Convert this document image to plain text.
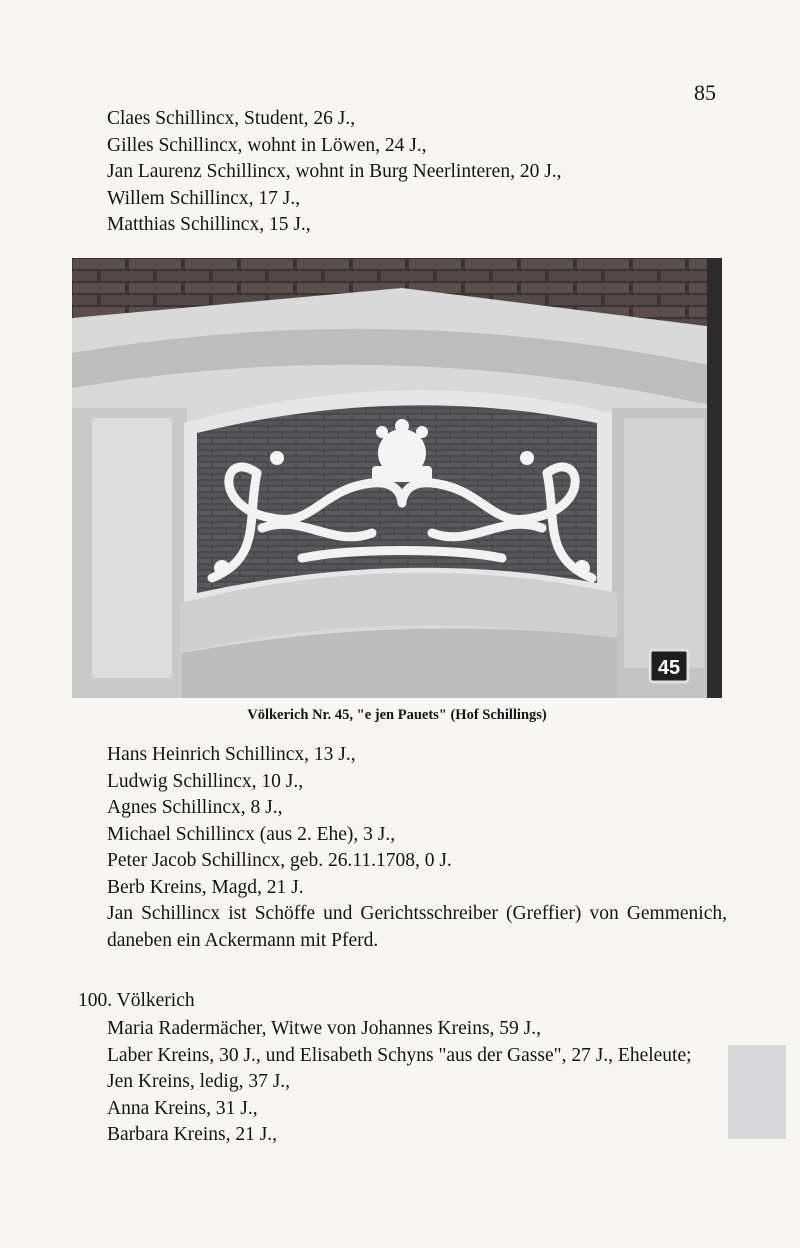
85
Claes Schillincx, Student, 26 J.,
Gilles Schillincx, wohnt in Löwen, 24 J.,
Jan Laurenz Schillincx, wohnt in Burg Neerlinteren, 20 J.,
Willem Schillincx, 17 J.,
Matthias Schillincx, 15 J.,
45
Völkerich Nr. 45, "e jen Pauets" (Hof Schillings)
Hans Heinrich Schillincx, 13 J.,
Ludwig Schillincx, 10 J.,
Agnes Schillincx, 8 J.,
Michael Schillincx (aus 2. Ehe), 3 J.,
Peter Jacob Schillincx, geb. 26.11.1708, 0 J.
Berb Kreins, Magd, 21 J.
Jan Schillincx ist Schöffe und Gerichtsschreiber (Greffier) von Gemmenich, daneben ein Ackermann mit Pferd.
100. Völkerich
Maria Radermächer, Witwe von Johannes Kreins, 59 J.,
Laber Kreins, 30 J., und Elisabeth Schyns "aus der Gasse", 27 J., Eheleute;
Jen Kreins, ledig, 37 J.,
Anna Kreins, 31 J.,
Barbara Kreins, 21 J.,
